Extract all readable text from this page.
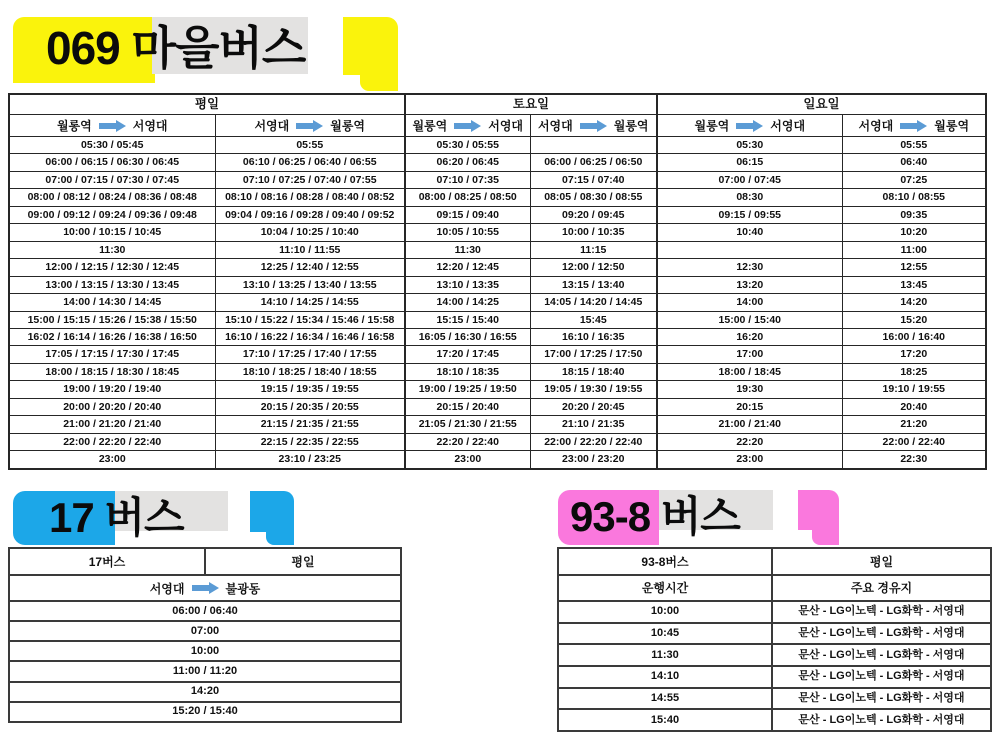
069 마을버스
평일		토요일		일요일	
월롱역 서영대	서영대 월롱역	월롱역 서영대	서영대 월롱역	월롱역 서영대	서영대 월롱역
05:30 / 05:45	05:55	05:30 / 05:55		05:30	05:55
06:00 / 06:15 / 06:30 / 06:45	06:10 / 06:25 / 06:40 / 06:55	06:20 / 06:45	06:00 / 06:25 / 06:50	06:15	06:40
07:00 / 07:15 / 07:30 / 07:45	07:10 / 07:25 / 07:40 / 07:55	07:10 / 07:35	07:15 / 07:40	07:00 / 07:45	07:25
08:00 / 08:12 / 08:24 / 08:36 / 08:48	08:10 / 08:16 / 08:28 / 08:40 / 08:52	08:00 / 08:25 / 08:50	08:05 / 08:30 / 08:55	08:30	08:10 / 08:55
09:00 / 09:12 / 09:24 / 09:36 / 09:48	09:04 / 09:16 / 09:28 / 09:40 / 09:52	09:15 / 09:40	09:20 / 09:45	09:15 / 09:55	09:35
10:00 / 10:15 / 10:45	10:04 / 10:25 / 10:40	10:05 / 10:55	10:00 / 10:35	10:40	10:20
11:30	11:10 / 11:55	11:30	11:15		11:00
12:00 / 12:15 / 12:30 / 12:45	12:25 / 12:40 / 12:55	12:20 / 12:45	12:00 / 12:50	12:30	12:55
13:00 / 13:15 / 13:30 / 13:45	13:10 / 13:25 / 13:40 / 13:55	13:10 / 13:35	13:15 / 13:40	13:20	13:45
14:00 / 14:30 / 14:45	14:10 / 14:25 / 14:55	14:00 / 14:25	14:05 / 14:20 / 14:45	14:00	14:20
15:00 / 15:15 / 15:26 / 15:38 / 15:50	15:10 / 15:22 / 15:34 / 15:46 / 15:58	15:15 / 15:40	15:45	15:00 / 15:40	15:20
16:02 / 16:14 / 16:26 / 16:38 / 16:50	16:10 / 16:22 / 16:34 / 16:46 / 16:58	16:05 / 16:30 / 16:55	16:10 / 16:35	16:20	16:00 / 16:40
17:05 / 17:15 / 17:30 / 17:45	17:10 / 17:25 / 17:40 / 17:55	17:20 / 17:45	17:00 / 17:25 / 17:50	17:00	17:20
18:00 / 18:15 / 18:30 / 18:45	18:10 / 18:25 / 18:40 / 18:55	18:10 / 18:35	18:15 / 18:40	18:00 / 18:45	18:25
19:00 / 19:20 / 19:40	19:15 / 19:35 / 19:55	19:00 / 19:25 / 19:50	19:05 / 19:30 / 19:55	19:30	19:10 / 19:55
20:00 / 20:20 / 20:40	20:15 / 20:35 / 20:55	20:15 / 20:40	20:20 / 20:45	20:15	20:40
21:00 / 21:20 / 21:40	21:15 / 21:35 / 21:55	21:05 / 21:30 / 21:55	21:10 / 21:35	21:00 / 21:40	21:20
22:00 / 22:20 / 22:40	22:15 / 22:35 / 22:55	22:20 / 22:40	22:00 / 22:20 / 22:40	22:20	22:00 / 22:40
23:00	23:10 / 23:25	23:00	23:00 / 23:20	23:00	22:30
17 버스
17버스	평일
서영대	불광동
06:00 / 06:40
07:00
10:00
11:00 / 11:20
14:20
15:20 / 15:40
93-8 버스
93-8버스	평일
운행시간	주요 경유지
10:00	문산 - LG이노텍 - LG화학 - 서영대
10:45	문산 - LG이노텍 - LG화학 - 서영대
11:30	문산 - LG이노텍 - LG화학 - 서영대
14:10	문산 - LG이노텍 - LG화학 - 서영대
14:55	문산 - LG이노텍 - LG화학 - 서영대
15:40	문산 - LG이노텍 - LG화학 - 서영대
